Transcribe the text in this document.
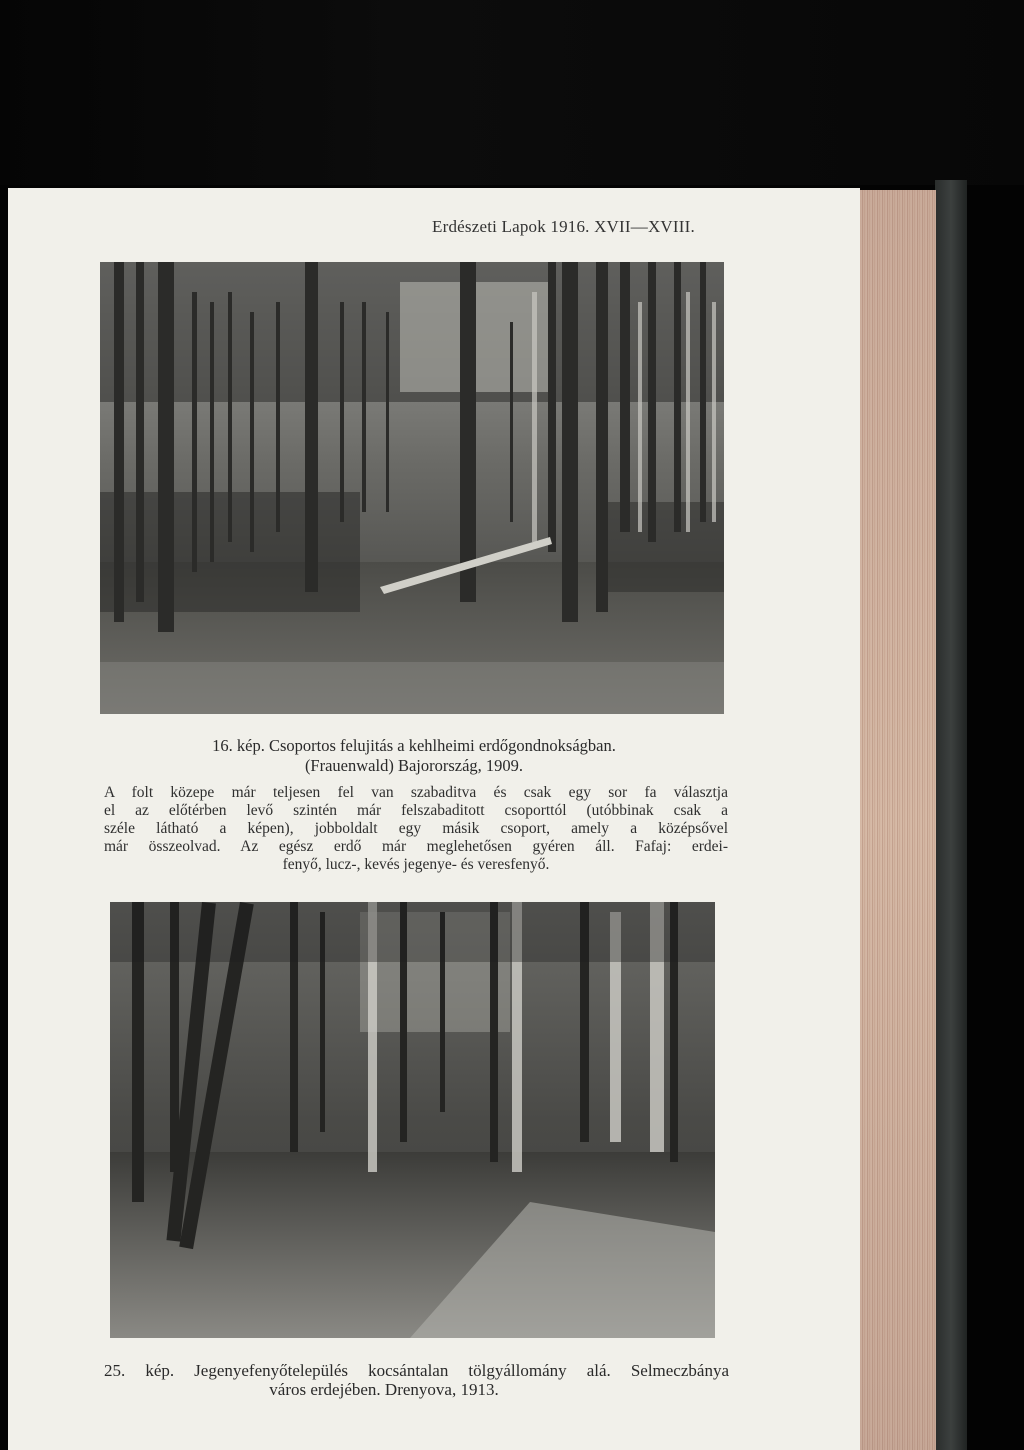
Erdészeti Lapok 1916. XVII—XVIII.
16. kép. Csoportos felujitás a kehlheimi erdőgondnokságban.
(Frauenwald) Bajorország, 1909.
A folt közepe már teljesen fel van szabaditva és csak egy sor fa választja
el az előtérben levő szintén már felszabaditott csoporttól (utóbbinak csak a
széle látható a képen), jobboldalt egy másik csoport, amely a középsővel
már összeolvad. Az egész erdő már meglehetősen gyéren áll. Fafaj: erdei-
fenyő, lucz-, kevés jegenye- és veresfenyő.
25. kép. Jegenyefenyőtelepülés kocsántalan tölgyállomány alá. Selmeczbánya
város erdejében. Drenyova, 1913.
